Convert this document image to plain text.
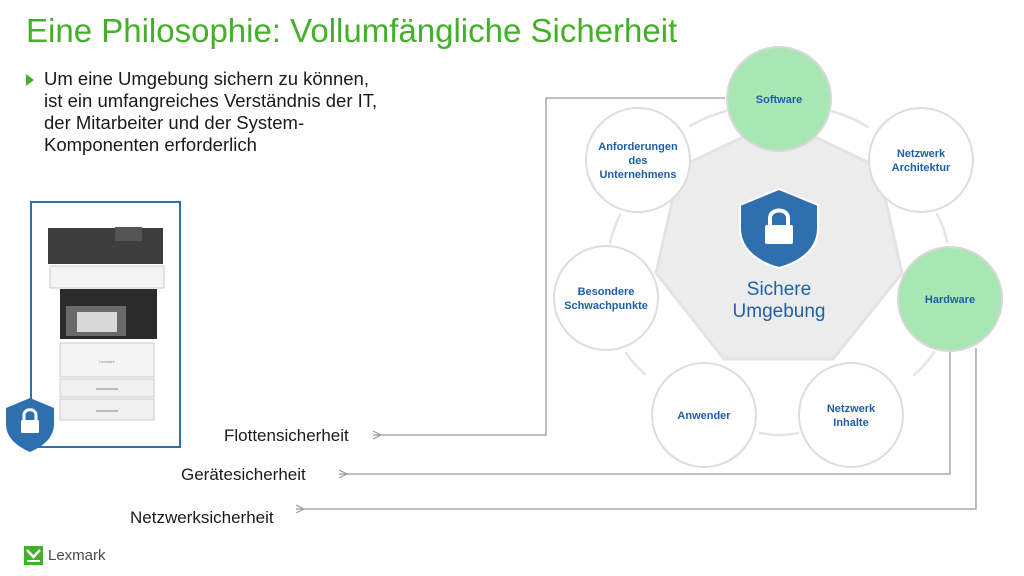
Eine Philosophie: Vollumfängliche Sicherheit
Um eine Umgebung sichern zu können,
ist ein umfangreiches Verständnis der IT,
der Mitarbeiter und der System-
Komponenten erforderlich
Lexmark
Sichere
Umgebung
Software
Netzwerk
Architektur
Hardware
Netzwerk
Inhalte
Anwender
Besondere
Schwachpunkte
Anforderungen
des
Unternehmens
Flottensicherheit
Gerätesicherheit
Netzwerksicherheit
Lexmark
